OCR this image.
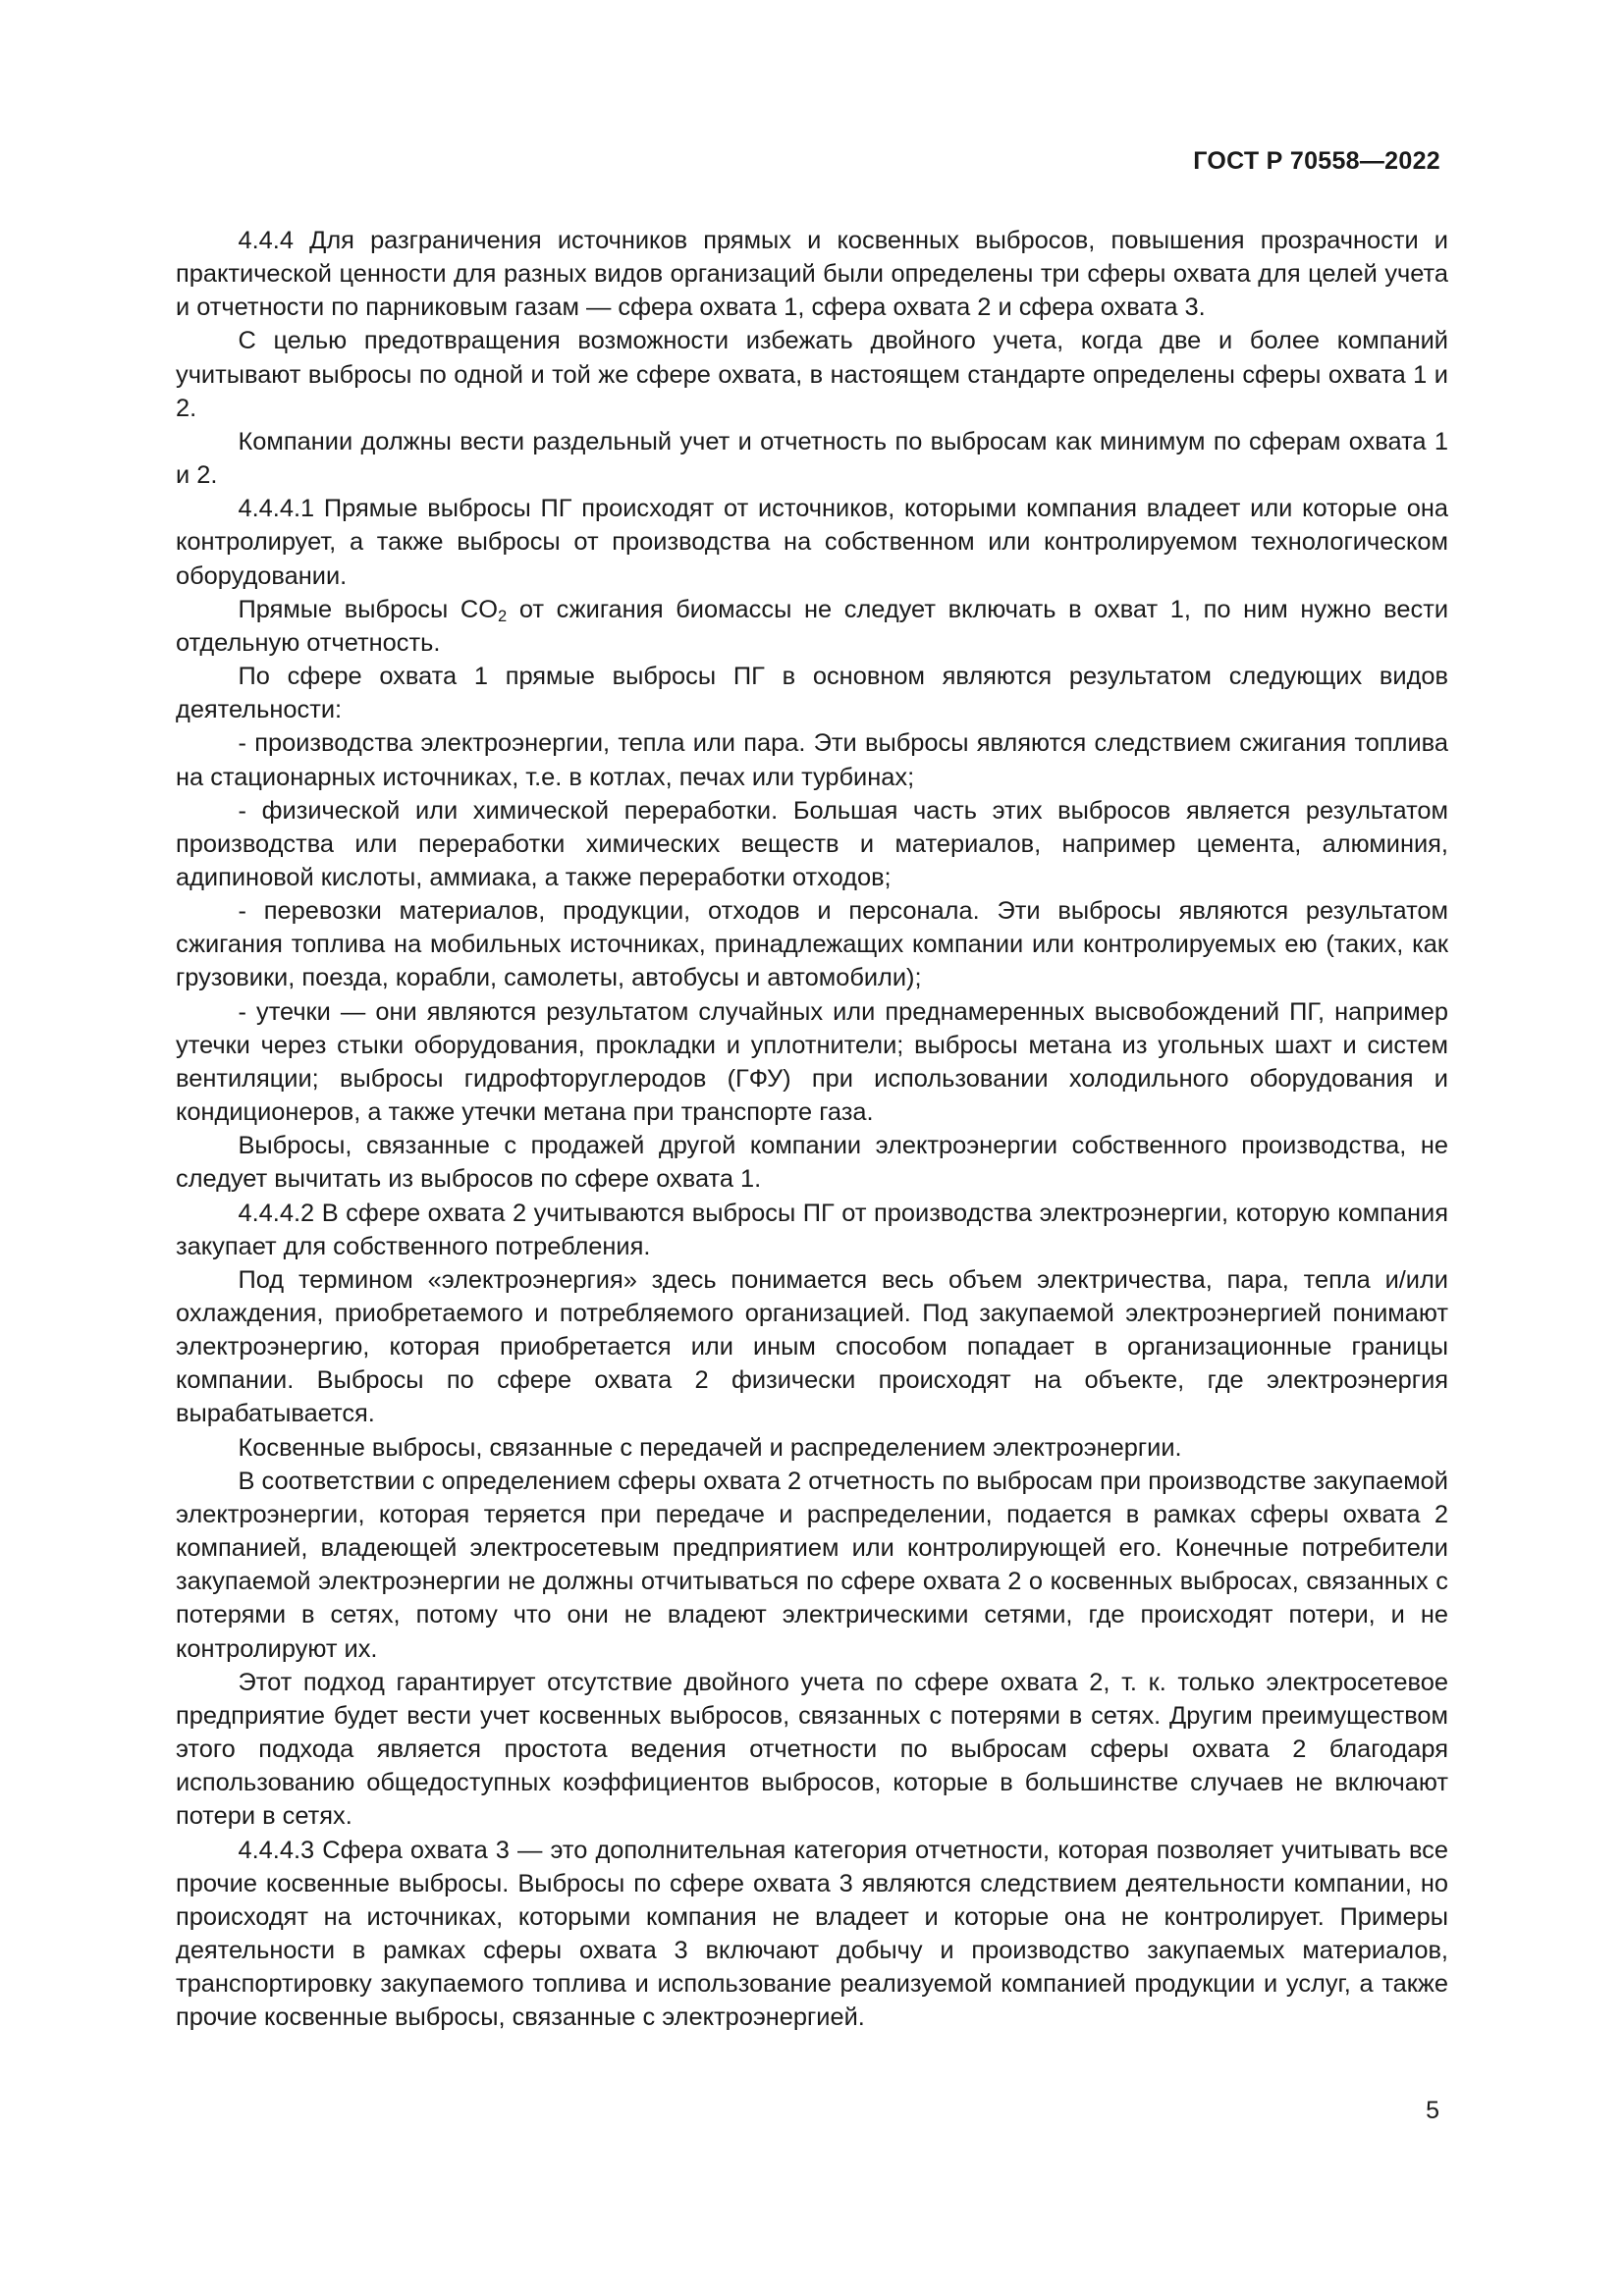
ГОСТ Р 70558—2022

4.4.4 Для разграничения источников прямых и косвенных выбросов, повышения прозрачности и практической ценности для разных видов организаций были определены три сферы охвата для целей учета и отчетности по парниковым газам — сфера охвата 1, сфера охвата 2 и сфера охвата 3.

С целью предотвращения возможности избежать двойного учета, когда две и более компаний учитывают выбросы по одной и той же сфере охвата, в настоящем стандарте определены сферы охвата 1 и 2.

Компании должны вести раздельный учет и отчетность по выбросам как минимум по сферам охвата 1 и 2.

4.4.4.1 Прямые выбросы ПГ происходят от источников, которыми компания владеет или которые она контролирует, а также выбросы от производства на собственном или контролируемом технологическом оборудовании.

Прямые выбросы $CO_2$ от сжигания биомассы не следует включать в охват 1, по ним нужно вести отдельную отчетность.

По сфере охвата 1 прямые выбросы ПГ в основном являются результатом следующих видов деятельности:

- производства электроэнергии, тепла или пара. Эти выбросы являются следствием сжигания топлива на стационарных источниках, т.е. в котлах, печах или турбинах;

- физической или химической переработки. Большая часть этих выбросов является результатом производства или переработки химических веществ и материалов, например цемента, алюминия, адипиновой кислоты, аммиака, а также переработки отходов;

- перевозки материалов, продукции, отходов и персонала. Эти выбросы являются результатом сжигания топлива на мобильных источниках, принадлежащих компании или контролируемых ею (таких, как грузовики, поезда, корабли, самолеты, автобусы и автомобили);

- утечки — они являются результатом случайных или преднамеренных высвобождений ПГ, например утечки через стыки оборудования, прокладки и уплотнители; выбросы метана из угольных шахт и систем вентиляции; выбросы гидрофторуглеродов (ГФУ) при использовании холодильного оборудования и кондиционеров, а также утечки метана при транспорте газа.

Выбросы, связанные с продажей другой компании электроэнергии собственного производства, не следует вычитать из выбросов по сфере охвата 1.

4.4.4.2 В сфере охвата 2 учитываются выбросы ПГ от производства электроэнергии, которую компания закупает для собственного потребления.

Под термином «электроэнергия» здесь понимается весь объем электричества, пара, тепла и/или охлаждения, приобретаемого и потребляемого организацией. Под закупаемой электроэнергией понимают электроэнергию, которая приобретается или иным способом попадает в организационные границы компании. Выбросы по сфере охвата 2 физически происходят на объекте, где электроэнергия вырабатывается.

Косвенные выбросы, связанные с передачей и распределением электроэнергии.

В соответствии с определением сферы охвата 2 отчетность по выбросам при производстве закупаемой электроэнергии, которая теряется при передаче и распределении, подается в рамках сферы охвата 2 компанией, владеющей электросетевым предприятием или контролирующей его. Конечные потребители закупаемой электроэнергии не должны отчитываться по сфере охвата 2 о косвенных выбросах, связанных с потерями в сетях, потому что они не владеют электрическими сетями, где происходят потери, и не контролируют их.

Этот подход гарантирует отсутствие двойного учета по сфере охвата 2, т. к. только электросетевое предприятие будет вести учет косвенных выбросов, связанных с потерями в сетях. Другим преимуществом этого подхода является простота ведения отчетности по выбросам сферы охвата 2 благодаря использованию общедоступных коэффициентов выбросов, которые в большинстве случаев не включают потери в сетях.

4.4.4.3 Сфера охвата 3 — это дополнительная категория отчетности, которая позволяет учитывать все прочие косвенные выбросы. Выбросы по сфере охвата 3 являются следствием деятельности компании, но происходят на источниках, которыми компания не владеет и которые она не контролирует. Примеры деятельности в рамках сферы охвата 3 включают добычу и производство закупаемых материалов, транспортировку закупаемого топлива и использование реализуемой компанией продукции и услуг, а также прочие косвенные выбросы, связанные с электроэнергией.

5
